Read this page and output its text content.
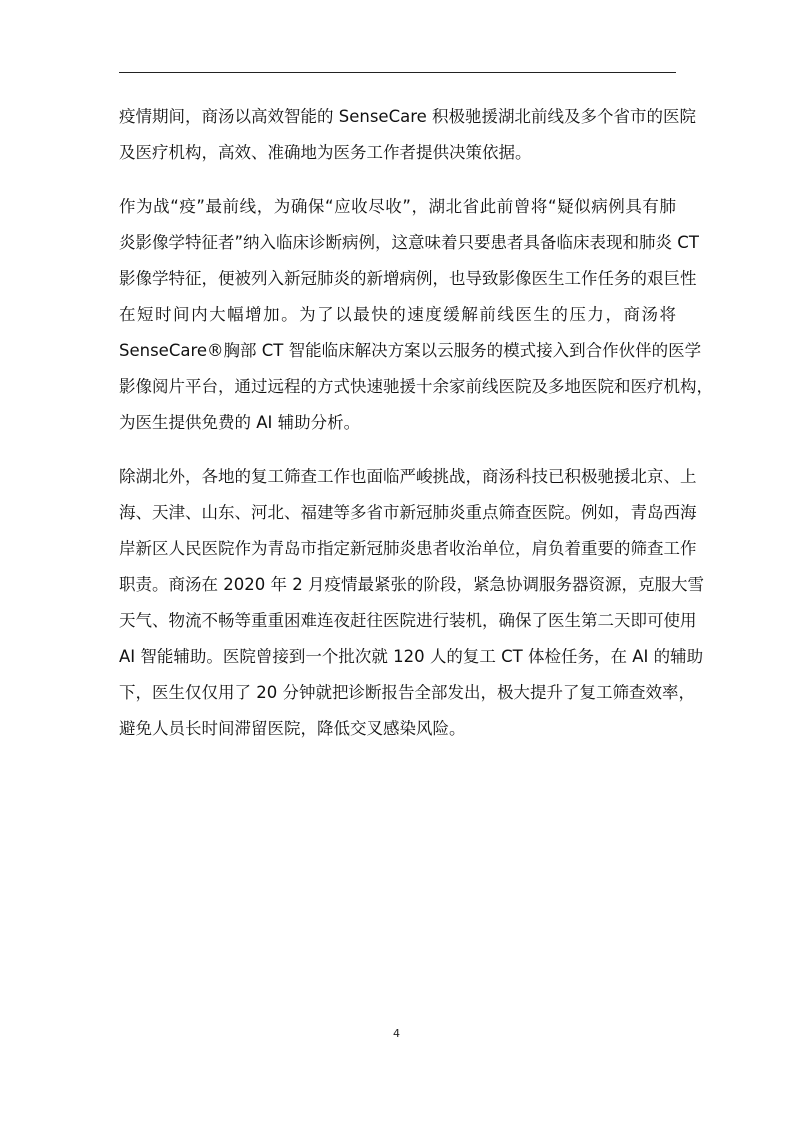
疫情期间，商汤以高效智能的 SenseCare 积极驰援湖北前线及多个省市的医院
及医疗机构，高效、准确地为医务工作者提供决策依据。
作为战“疫”最前线，为确保“应收尽收”，湖北省此前曾将“疑似病例具有肺
炎影像学特征者”纳入临床诊断病例，这意味着只要患者具备临床表现和肺炎 CT
影像学特征，便被列入新冠肺炎的新增病例，也导致影像医生工作任务的艰巨性
在短时间内大幅增加。为了以最快的速度缓解前线医生的压力，商汤将
SenseCare®胸部 CT 智能临床解决方案以云服务的模式接入到合作伙伴的医学
影像阅片平台，通过远程的方式快速驰援十余家前线医院及多地医院和医疗机构，
为医生提供免费的 AI 辅助分析。
除湖北外，各地的复工筛查工作也面临严峻挑战，商汤科技已积极驰援北京、上
海、天津、山东、河北、福建等多省市新冠肺炎重点筛查医院。例如，青岛西海
岸新区人民医院作为青岛市指定新冠肺炎患者收治单位，肩负着重要的筛查工作
职责。商汤在 2020 年 2 月疫情最紧张的阶段，紧急协调服务器资源，克服大雪
天气、物流不畅等重重困难连夜赶往医院进行装机，确保了医生第二天即可使用
AI 智能辅助。医院曾接到一个批次就 120 人的复工 CT 体检任务，在 AI 的辅助
下，医生仅仅用了 20 分钟就把诊断报告全部发出，极大提升了复工筛查效率，
避免人员长时间滞留医院，降低交叉感染风险。
4
